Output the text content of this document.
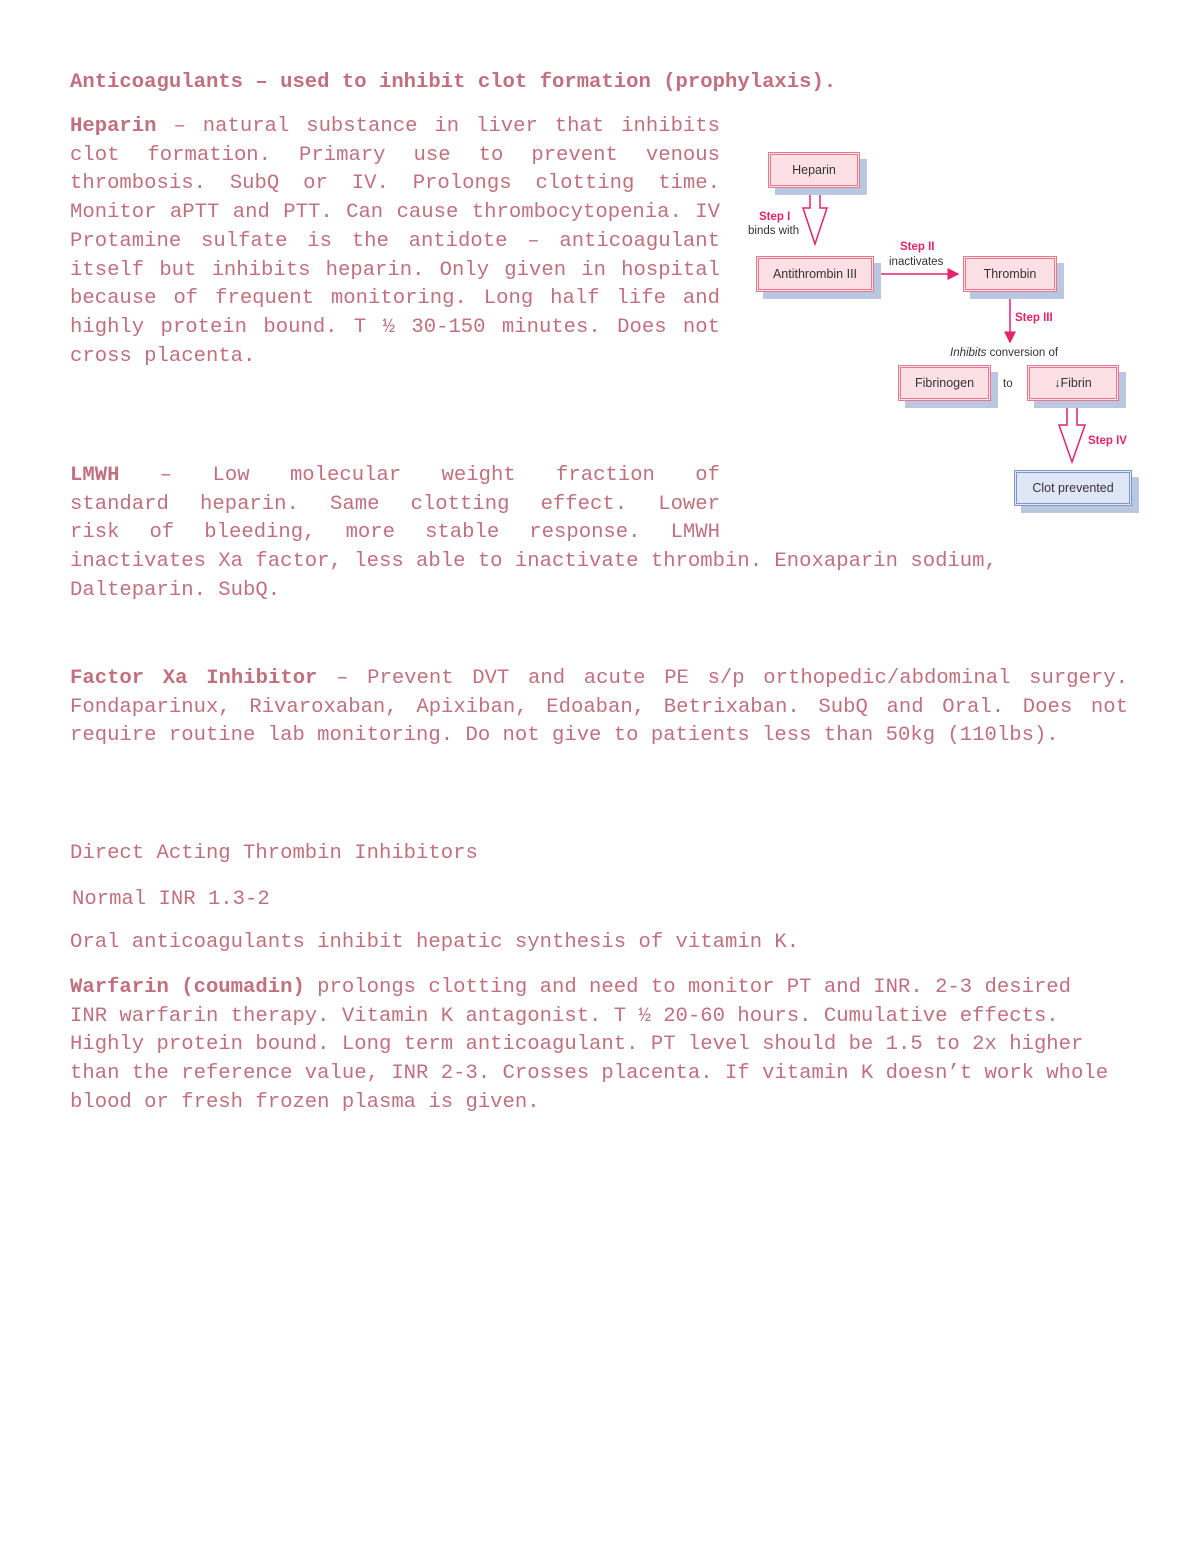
Anticoagulants – used to inhibit clot formation (prophylaxis).

Heparin – natural substance in liver that inhibits clot formation. Primary use to prevent venous thrombosis. SubQ or IV. Prolongs clotting time. Monitor aPTT and PTT. Can cause thrombocytopenia. IV Protamine sulfate is the antidote – anticoagulant itself but inhibits heparin. Only given in hospital because of frequent monitoring. Long half life and highly protein bound. T ½ 30-150 minutes. Does not cross placenta.

LMWH – Low molecular weight fraction of
standard heparin. Same clotting effect. Lower
risk of bleeding, more stable response. LMWH

inactivates Xa factor, less able to inactivate thrombin. Enoxaparin sodium, Dalteparin. SubQ.

Factor Xa Inhibitor – Prevent DVT and acute PE s/p orthopedic/abdominal surgery. Fondaparinux, Rivaroxaban, Apixiban, Edoaban, Betrixaban. SubQ and Oral. Does not require routine lab monitoring. Do not give to patients less than 50kg (110lbs).

Direct Acting Thrombin Inhibitors

Normal INR 1.3-2

Oral anticoagulants inhibit hepatic synthesis of vitamin K.

Warfarin (coumadin) prolongs clotting and need to monitor PT and INR. 2-3 desired INR warfarin therapy. Vitamin K antagonist. T ½ 20-60 hours. Cumulative effects. Highly protein bound. Long term anticoagulant. PT level should be 1.5 to 2x higher than the reference value, INR 2-3. Crosses placenta. If vitamin K doesn’t work whole blood or fresh frozen plasma is given.

Heparin
Step I
binds with
Antithrombin III
Step II
inactivates
Thrombin
Step III
Inhibits conversion of
Fibrinogen	to	↓Fibrin
Step IV
Clot prevented
